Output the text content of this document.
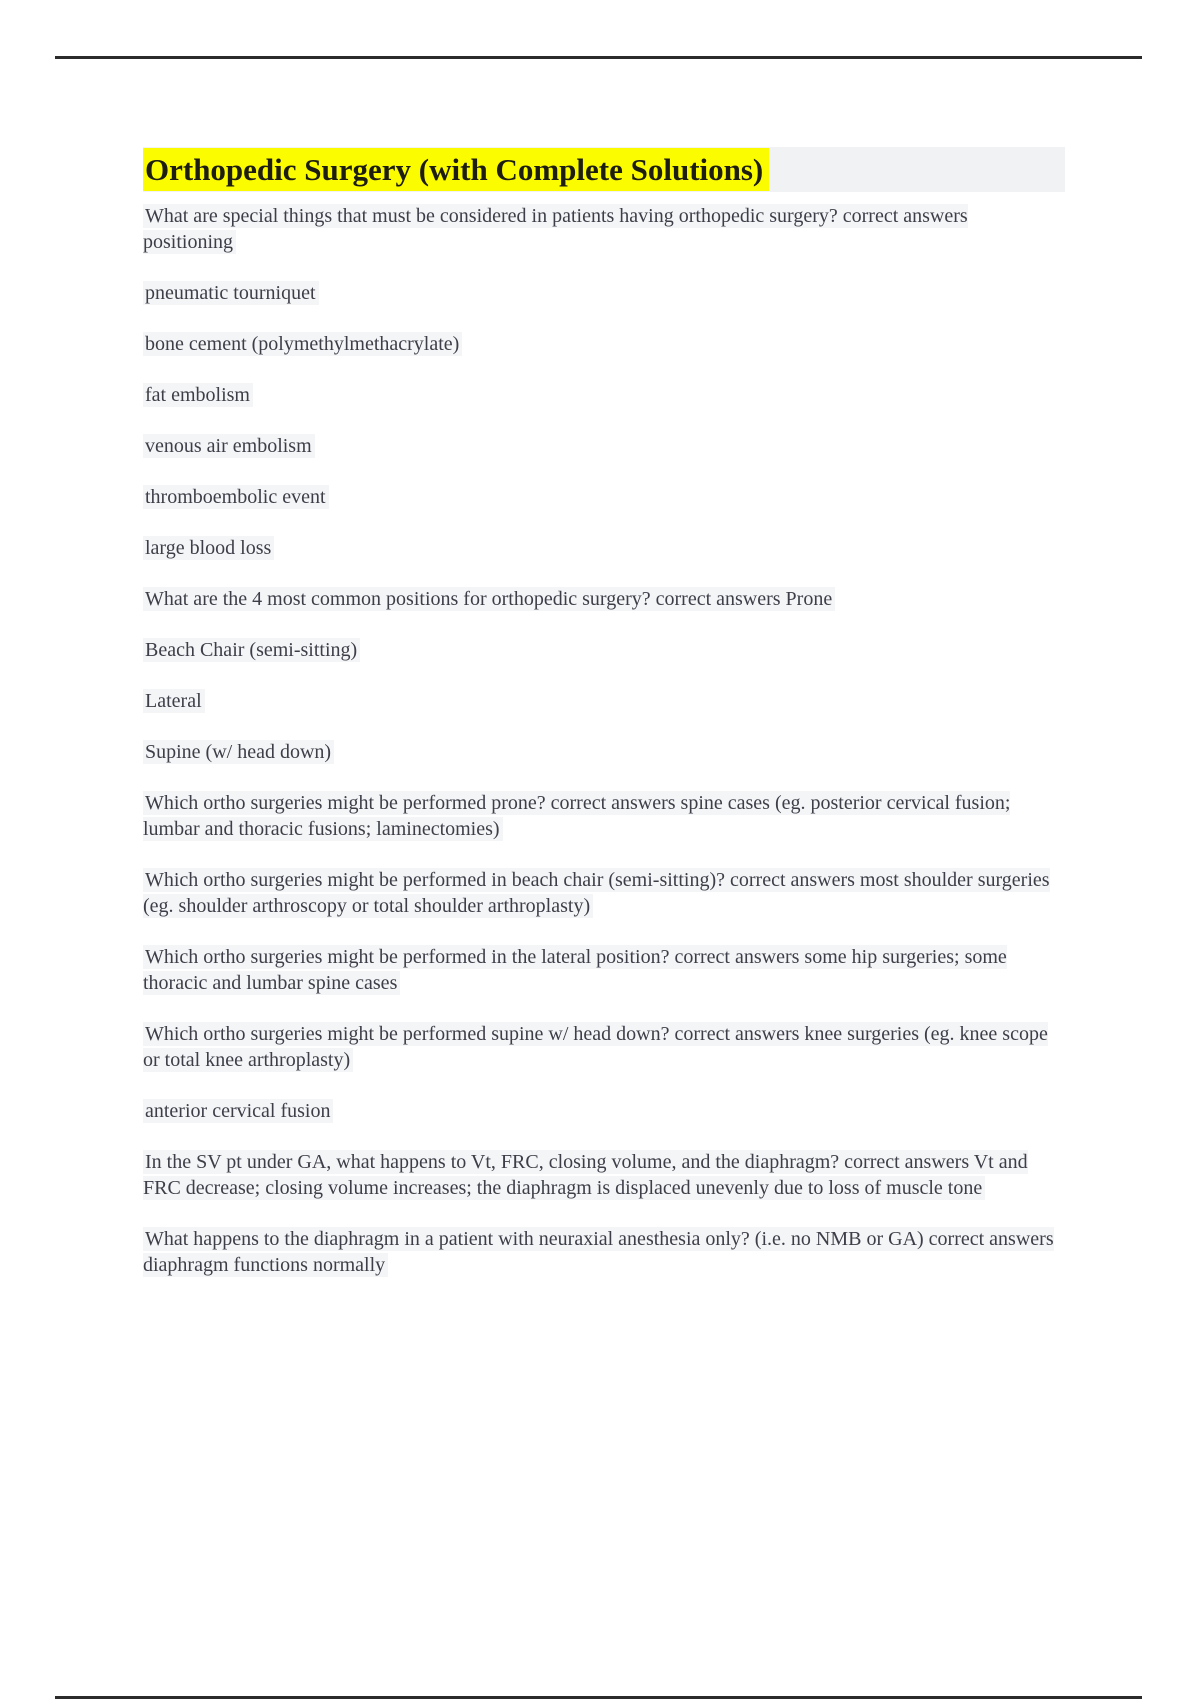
Orthopedic Surgery (with Complete Solutions)

What are special things that must be considered in patients having orthopedic surgery? correct answers positioning

pneumatic tourniquet

bone cement (polymethylmethacrylate)

fat embolism

venous air embolism

thromboembolic event

large blood loss

What are the 4 most common positions for orthopedic surgery? correct answers Prone

Beach Chair (semi-sitting)

Lateral

Supine (w/ head down)

Which ortho surgeries might be performed prone? correct answers spine cases (eg. posterior cervical fusion; lumbar and thoracic fusions; laminectomies)

Which ortho surgeries might be performed in beach chair (semi-sitting)? correct answers most shoulder surgeries (eg. shoulder arthroscopy or total shoulder arthroplasty)

Which ortho surgeries might be performed in the lateral position? correct answers some hip surgeries; some thoracic and lumbar spine cases

Which ortho surgeries might be performed supine w/ head down? correct answers knee surgeries (eg. knee scope or total knee arthroplasty)

anterior cervical fusion

In the SV pt under GA, what happens to Vt, FRC, closing volume, and the diaphragm? correct answers Vt and FRC decrease; closing volume increases; the diaphragm is displaced unevenly due to loss of muscle tone

What happens to the diaphragm in a patient with neuraxial anesthesia only? (i.e. no NMB or GA) correct answers diaphragm functions normally
